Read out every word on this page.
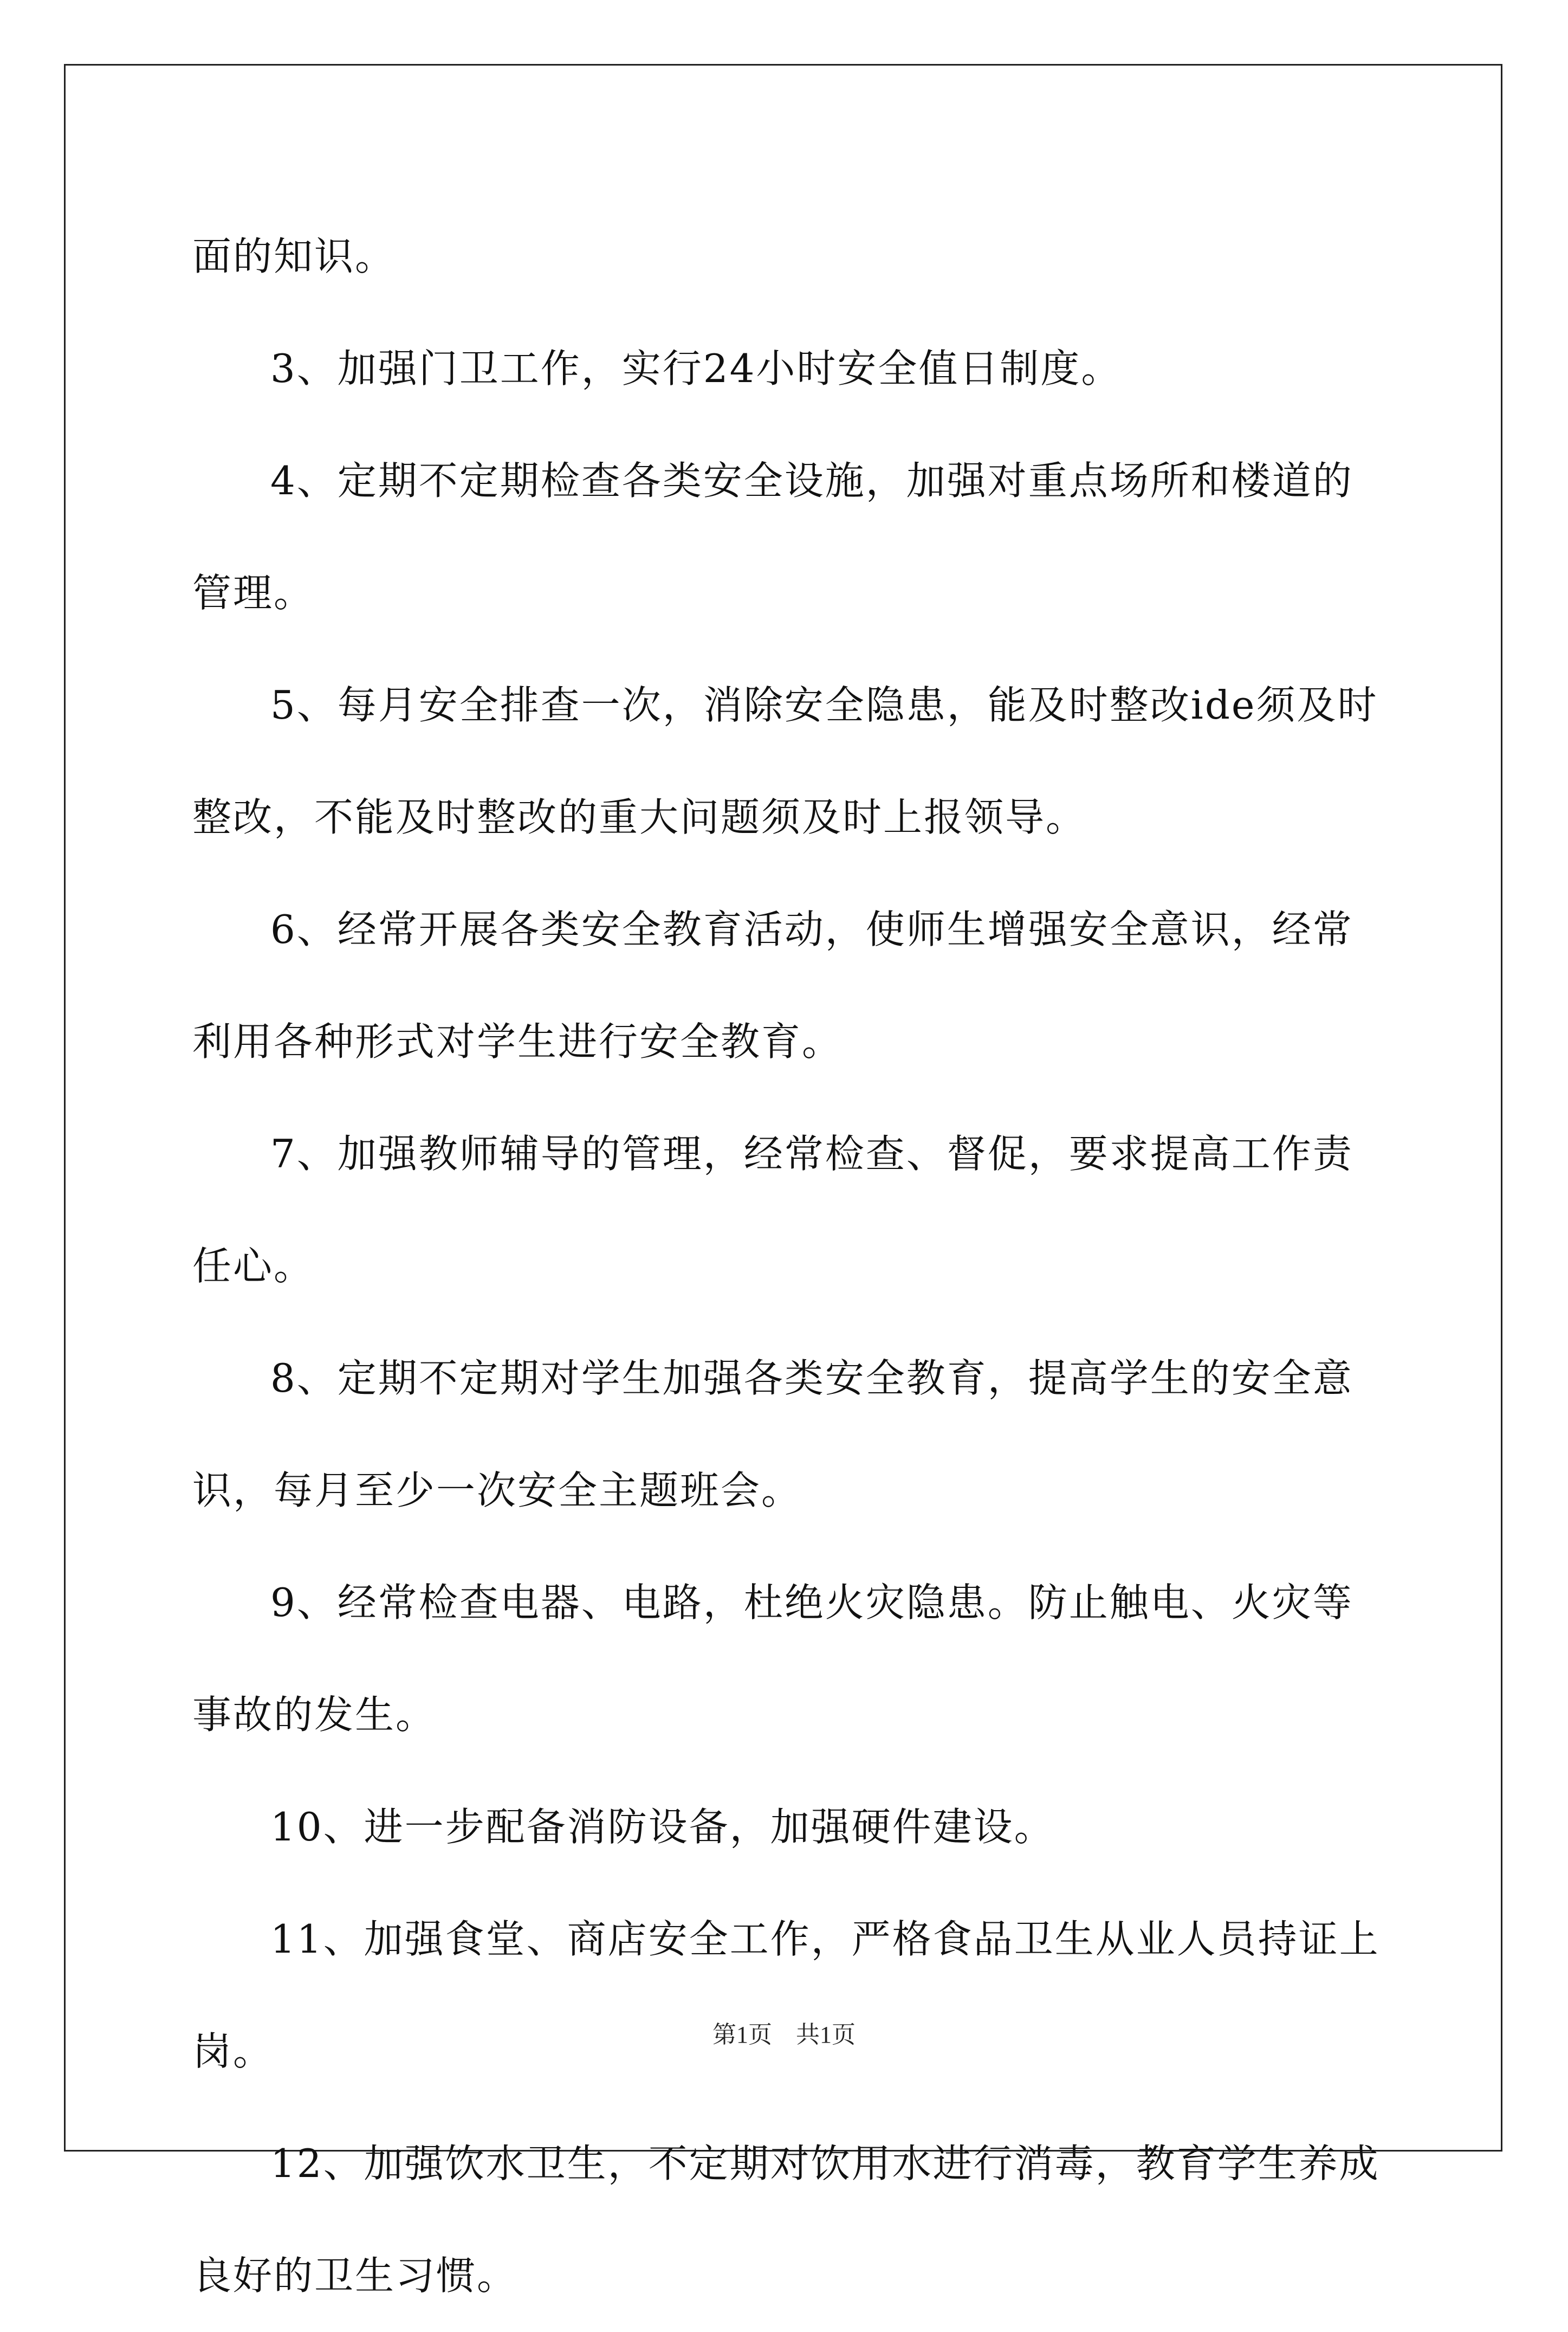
面的知识。

3、加强门卫工作，实行24小时安全值日制度。

4、定期不定期检查各类安全设施，加强对重点场所和楼道的管理。

5、每月安全排查一次，消除安全隐患，能及时整改ide须及时整改，不能及时整改的重大问题须及时上报领导。

6、经常开展各类安全教育活动，使师生增强安全意识，经常利用各种形式对学生进行安全教育。

7、加强教师辅导的管理，经常检查、督促，要求提高工作责任心。

8、定期不定期对学生加强各类安全教育，提高学生的安全意识，每月至少一次安全主题班会。

9、经常检查电器、电路，杜绝火灾隐患。防止触电、火灾等事故的发生。

10、进一步配备消防设备，加强硬件建设。

11、加强食堂、商店安全工作，严格食品卫生从业人员持证上岗。

12、加强饮水卫生，不定期对饮用水进行消毒，教育学生养成良好的卫生习惯。

第1页　共1页
